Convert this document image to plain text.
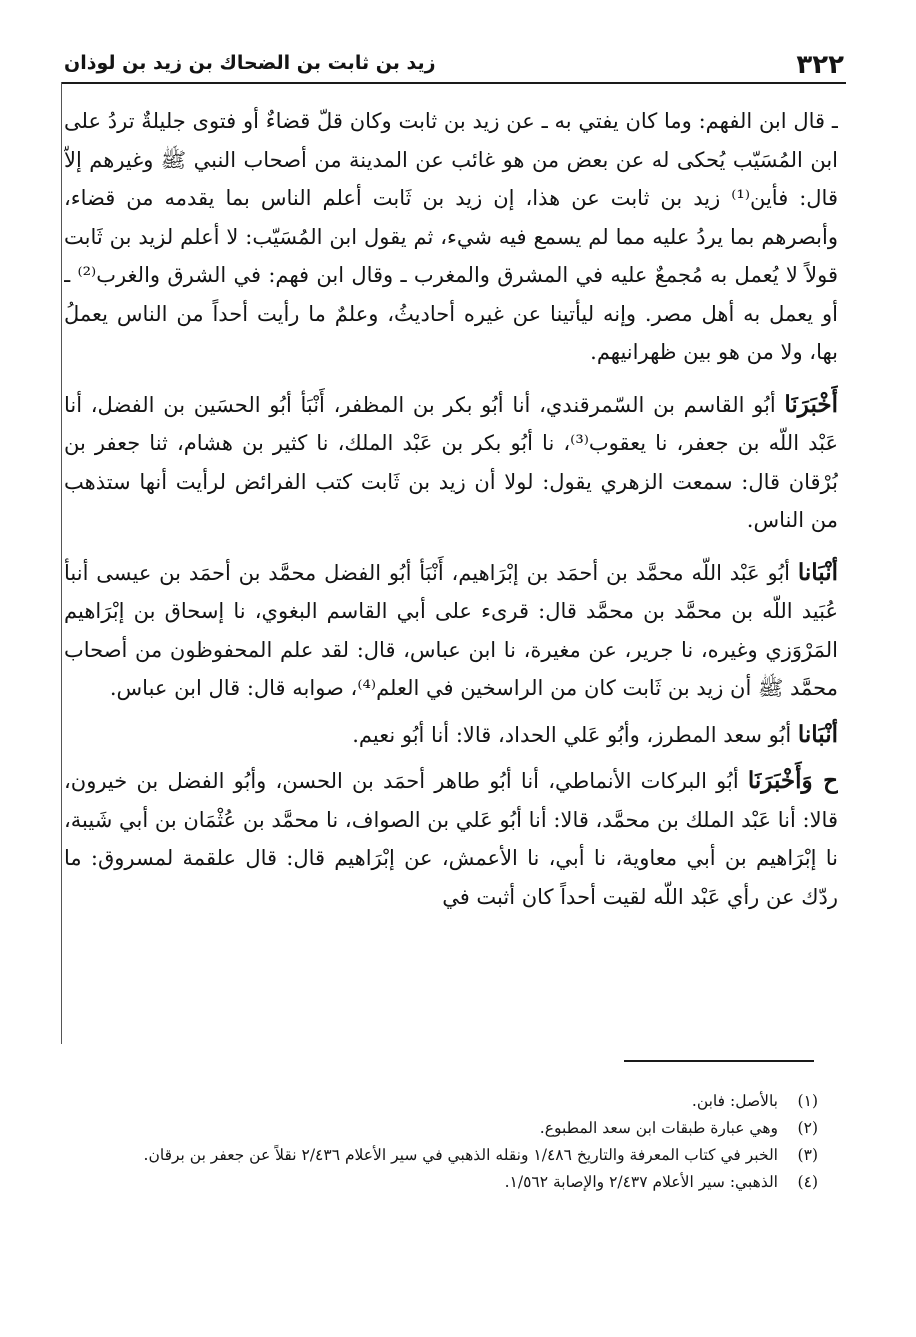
٣٢٢
زيد بن ثابت بن الضحاك بن زيد بن لوذان

ـ قال ابن الفهم: وما كان يفتي به ـ عن زيد بن ثابت وكان قلّ قضاءٌ أو فتوى جليلةٌ تردُ على ابن المُسَيّب يُحكى له عن بعض من هو غائب عن المدينة من أصحاب النبي ﷺ وغيرهم إلاّ قال: فأين⁽¹⁾ زيد بن ثابت عن هذا، إن زيد بن ثَابت أعلم الناس بما يقدمه من قضاء، وأبصرهم بما يردُ عليه مما لم يسمع فيه شيء، ثم يقول ابن المُسَيّب: لا أعلم لزيد بن ثَابت قولاً لا يُعمل به مُجمعٌ عليه في المشرق والمغرب ـ وقال ابن فهم: في الشرق والغرب⁽²⁾ ـ أو يعمل به أهل مصر. وإنه ليأتينا عن غيره أحاديثُ، وعلمٌ ما رأيت أحداً من الناس يعملُ بها، ولا من هو بين ظهرانيهم.

أَخْبَرَنَا أبُو القاسم بن السّمرقندي، أنا أبُو بكر بن المظفر، أَنْبَأ أبُو الحسَين بن الفضل، أنا عَبْد اللّه بن جعفر، نا يعقوب⁽³⁾، نا أبُو بكر بن عَبْد الملك، نا كثير بن هشام، ثنا جعفر بن بُرْقان قال: سمعت الزهري يقول: لولا أن زيد بن ثَابت كتب الفرائض لرأيت أنها ستذهب من الناس.

أنْبَانا أبُو عَبْد اللّه محمَّد بن أحمَد بن إبْرَاهيم، أَنْبَأ أبُو الفضل محمَّد بن أحمَد بن عيسى أنبأ عُبَيد اللّه بن محمَّد بن محمَّد قال: قرىء على أبي القاسم البغوي، نا إسحاق بن إبْرَاهيم المَرْوَزي وغيره، نا جرير، عن مغيرة، نا ابن عباس، قال: لقد علم المحفوظون من أصحاب محمَّد ﷺ أن زيد بن ثَابت كان من الراسخين في العلم⁽⁴⁾، صوابه قال: قال ابن عباس.

أنْبَانا أبُو سعد المطرز، وأبُو عَلي الحداد، قالا: أنا أبُو نعيم.

ح وَأَخْبَرَنَا أبُو البركات الأنماطي، أنا أبُو طاهر أحمَد بن الحسن، وأبُو الفضل بن خيرون، قالا: أنا عَبْد الملك بن محمَّد، قالا: أنا أبُو عَلي بن الصواف، نا محمَّد بن عُثْمَان بن أبي شَيبة، نا إبْرَاهيم بن أبي معاوية، نا أبي، نا الأعمش، عن إبْرَاهيم قال: قال علقمة لمسروق: ما ردّك عن رأي عَبْد اللّه لقيت أحداً كان أثبت في

(١)
بالأصل: فابن.

(٢)
وهي عبارة طبقات ابن سعد المطبوع.

(٣)
الخبر في كتاب المعرفة والتاريخ ١/٤٨٦ ونقله الذهبي في سير الأعلام ٢/٤٣٦ نقلاً عن جعفر بن برقان.

(٤)
الذهبي: سير الأعلام ٢/٤٣٧ والإصابة ١/٥٦٢.
